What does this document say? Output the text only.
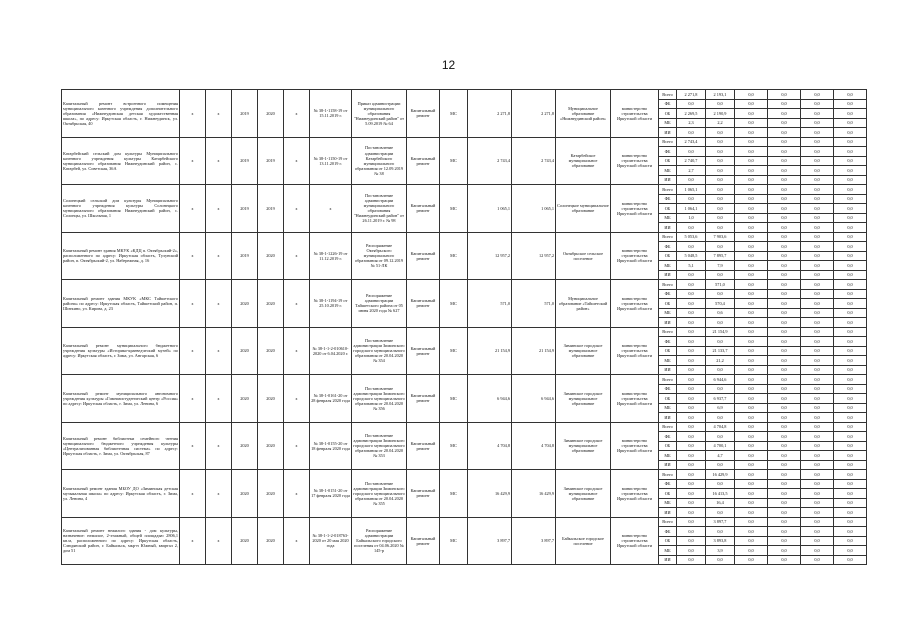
12
Капитальный ремонт встроенного помещения муниципального казенного учреждения дополнительного образования «Нижнеудинская детская художественная школа», по адресу: Иркутская область, г. Нижнеудинск, ул. Октябрьская, 40	х	х	2019	2020	х	№ 38-1-1158-19 от 15.11.2019 г.	Приказ администрации муниципального образования "Нижнеудинский район" от 5.09.2019 № 64	Капитальный ремонт	МС	2 271,8	2 271,8	Муниципальное образование «Нижнеудинский район»	министерство строительства Иркутской области	Всего	2 271,8	2 193,1	0,0	0,0	0,0	0,0
														ФБ	0,0	0,0	0,0	0,0	0,0	0,0
														ОБ	2 269,5	2 190,9	0,0	0,0	0,0	0,0
														МБ	2,3	2,2	0,0	0,0	0,0	0,0
														ИИ	0,0	0,0	0,0	0,0	0,0	0,0
Катарбейский сельский дом культуры Муниципального казенного учреждения культуры Катарбейского муниципального образования Нижнеудинский район, с. Катарбей, ул. Советская, 36А	х	х	2019	2019	х	№ 38-1-1150-19 от 13.11.2019 г.	Постановление администрации Катарбейского муниципального образования от 12.09.2019 № 38	Капитальный ремонт	МС	2 743,4	2 743,4	Катарбейское муниципальное образование	министерство строительства Иркутской области	Всего	2 743,4	0,0	0,0	0,0	0,0	0,0
														ФБ	0,0	0,0	0,0	0,0	0,0	0,0
														ОБ	2 740,7	0,0	0,0	0,0	0,0	0,0
														МБ	2,7	0,0	0,0	0,0	0,0	0,0
														ИИ	0,0	0,0	0,0	0,0	0,0	0,0
Солонецкий сельский дом культуры Муниципального казенного учреждения культуры Солонецкого муниципального образования Нижнеудинский район, с. Солонцы, ул. Школьная, 1	х	х	2019	2019	х	х	Постановление администрации муниципального образования "Нижнеудинский район" от 26.11.2019 г. № 98	Капитальный ремонт	МС	1 065,1	1 065,1	Солонецкое муниципальное образование	министерство строительства Иркутской области	Всего	1 065,1	0,0	0,0	0,0	0,0	0,0
														ФБ	0,0	0,0	0,0	0,0	0,0	0,0
														ОБ	1 064,1	0,0	0,0	0,0	0,0	0,0
														МБ	1,0	0,0	0,0	0,0	0,0	0,0
														ИИ	0,0	0,0	0,0	0,0	0,0	0,0
Капитальный ремонт здания МКУК «КДЦ п. Октябрьский-2», расположенного по адресу: Иркутская область, Тулунский район, п. Октябрьский-2, ул. Набережная, д. 16	х	х	2019	2020	х	№ 38-1-1226-19 от 11.12.2019 г.	Распоряжение Октябрьского муниципального образования от 09.12.2019 № 51-ЛК	Капитальный ремонт	МС	12 957,2	12 957,2	Октябрьское сельское поселение	министерство строительства Иркутской области	Всего	5 053,6	7 903,6	0,0	0,0	0,0	0,0
														ФБ	0,0	0,0	0,0	0,0	0,0	0,0
														ОБ	5 048,5	7 895,7	0,0	0,0	0,0	0,0
														МБ	5,1	7,9	0,0	0,0	0,0	0,0
														ИИ	0,0	0,0	0,0	0,0	0,0	0,0
Капитальный ремонт здания МКУК «МКС Тайшетского района» по адресу: Иркутская область, Тайшетский район, п. Шиткино, ул. Кирова, д. 23	х	х	2020	2020	х	№ 38-1-1194-19 от 25.10.2019 г.	Распоряжение администрации Тайшетского района от 05 июня 2020 года № 627	Капитальный ремонт	МС	571,0	571,0	Муниципальное образование «Тайшетский район»	министерство строительства Иркутской области	Всего	0,0	571,0	0,0	0,0	0,0	0,0
														ФБ	0,0	0,0	0,0	0,0	0,0	0,0
														ОБ	0,0	570,4	0,0	0,0	0,0	0,0
														МБ	0,0	0,6	0,0	0,0	0,0	0,0
														ИИ	0,0	0,0	0,0	0,0	0,0	0,0
Капитальный ремонт муниципального бюджетного учреждения культуры «Историко-краеведческий музей» по адресу: Иркутская область, г. Зима, ул. Ангарская, 6	х	х	2020	2020	х	№ 38-1-1-2-010610-2020 от 6.04.2020 г.	Постановление администрации Зиминского городского муниципального образования от 20.04.2020 № 354	Капитальный ремонт	МС	21 154,9	21 154,9	Зиминское городское муниципальное образование	министерство строительства Иркутской области	Всего	0,0	21 154,9	0,0	0,0	0,0	0,0
														ФБ	0,0	0,0	0,0	0,0	0,0	0,0
														ОБ	0,0	21 133,7	0,0	0,0	0,0	0,0
														МБ	0,0	21,2	0,0	0,0	0,0	0,0
														ИИ	0,0	0,0	0,0	0,0	0,0	0,0
Капитальный ремонт муниципального автономного учреждения культуры «Гимназистуденческий центр «Россия» по адресу: Иркутская область, г. Зима, ул. Ленина, 6	х	х	2020	2020	х	№ 38-1-0161-20 от 28 февраля 2020 года	Постановление администрации Зиминского городского муниципального образования от 20.04.2020 № 356	Капитальный ремонт	МС	6 944,6	6 944,6	Зиминское городское муниципальное образование	министерство строительства Иркутской области	Всего	0,0	6 944,6	0,0	0,0	0,0	0,0
														ФБ	0,0	0,0	0,0	0,0	0,0	0,0
														ОБ	0,0	6 937,7	0,0	0,0	0,0	0,0
														МБ	0,0	6,9	0,0	0,0	0,0	0,0
														ИИ	0,0	0,0	0,0	0,0	0,0	0,0
Капитальный ремонт библиотеки семейного чтения муниципального бюджетного учреждения культуры «Централизованная библиотечная система» по адресу: Иркутская область, г. Зима, ул. Октябрьская, 87	х	х	2020	2020	х	№ 38-1-0155-20 от 18 февраля 2020 года	Постановление администрации Зиминского городского муниципального образования от 20.04.2020 № 353	Капитальный ремонт	МС	4 704,8	4 704,8	Зиминское городское муниципальное образование	министерство строительства Иркутской области	Всего	0,0	4 704,8	0,0	0,0	0,0	0,0
														ФБ	0,0	0,0	0,0	0,0	0,0	0,0
														ОБ	0,0	4 700,1	0,0	0,0	0,0	0,0
														МБ	0,0	4,7	0,0	0,0	0,0	0,0
														ИИ	0,0	0,0	0,0	0,0	0,0	0,0
Капитальный ремонт здания МБОУ ДО «Зиминская детская музыкальная школа» по адресу: Иркутская область, г. Зима, ул. Ленина, 4	х	х	2020	2020	х	№ 38-1-0151-20 от 17 февраля 2020 года	Постановление администрации Зиминского городского муниципального образования от 20.04.2020 № 355	Капитальный ремонт	МС	16 429,9	16 429,9	Зиминское городское муниципальное образование	министерство строительства Иркутской области	Всего	0,0	16 429,9	0,0	0,0	0,0	0,0
														ФБ	0,0	0,0	0,0	0,0	0,0	0,0
														ОБ	0,0	16 413,5	0,0	0,0	0,0	0,0
														МБ	0,0	16,4	0,0	0,0	0,0	0,0
														ИИ	0,0	0,0	0,0	0,0	0,0	0,0
Капитальный ремонт нежилого здания - дом культуры, назначение: нежилое, 2-этажный, общей площадью 2806,1 кв.м, расположенного по адресу: Иркутская область, Слюдянский район, г. Байкальск, мкр-н Южный, квартал 2, дом 51	х	х	2020	2020	х	№ 38-1-1-2-018763-2020 от 20 мая 2020 года	Распоряжение администрации Байкальского городского поселения от 04.06.2020 № 145-р	Капитальный ремонт	МС	3 897,7	3 897,7	Байкальское городское поселение	министерство строительства Иркутской области	Всего	0,0	3 897,7	0,0	0,0	0,0	0,0
														ФБ	0,0	0,0	0,0	0,0	0,0	0,0
														ОБ	0,0	3 893,8	0,0	0,0	0,0	0,0
														МБ	0,0	3,9	0,0	0,0	0,0	0,0
														ИИ	0,0	0,0	0,0	0,0	0,0	0,0
